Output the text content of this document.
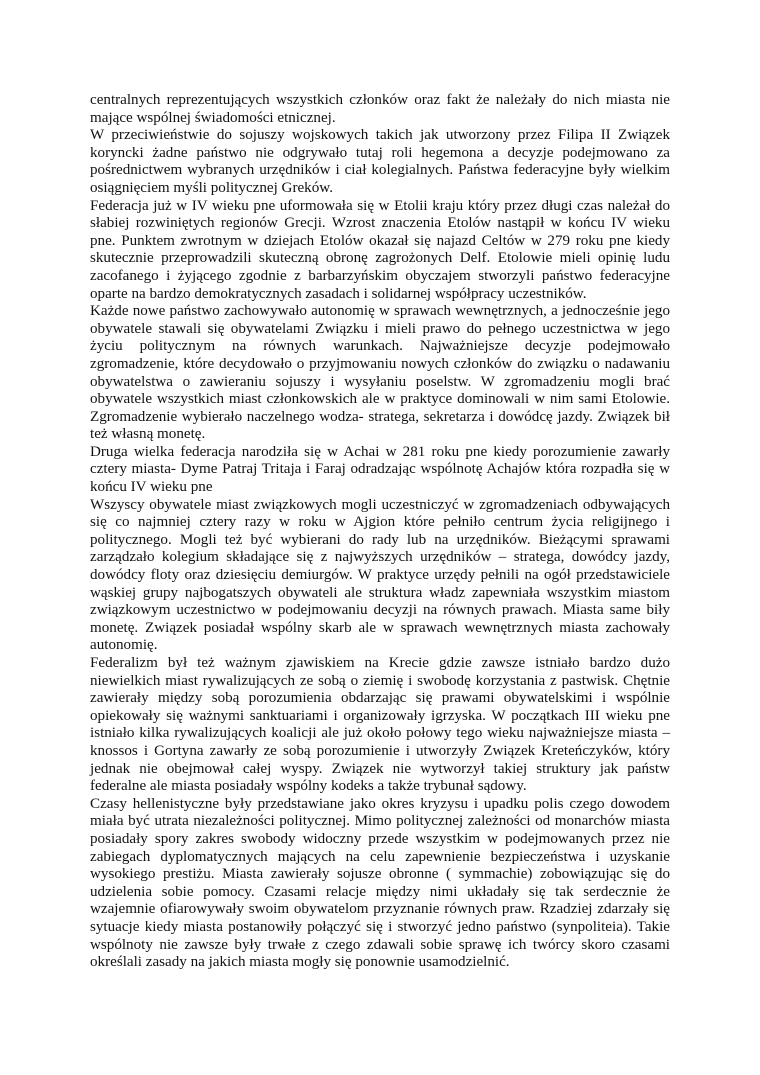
centralnych reprezentujących wszystkich członków oraz fakt że należały do nich miasta nie mające wspólnej świadomości etnicznej.

W przeciwieństwie do sojuszy wojskowych takich jak utworzony przez Filipa II Związek koryncki żadne państwo nie odgrywało tutaj roli hegemona a decyzje podejmowano za pośrednictwem wybranych urzędników i ciał kolegialnych. Państwa federacyjne były wielkim osiągnięciem myśli politycznej Greków.

Federacja już w IV wieku pne uformowała się w Etolii kraju który przez długi czas należał do słabiej rozwiniętych regionów Grecji. Wzrost znaczenia Etolów nastąpił w końcu IV wieku pne. Punktem zwrotnym w dziejach Etolów okazał się najazd Celtów w 279 roku pne kiedy skutecznie przeprowadzili skuteczną obronę zagrożonych Delf. Etolowie mieli opinię ludu zacofanego i żyjącego zgodnie z barbarzyńskim obyczajem stworzyli państwo federacyjne oparte na bardzo demokratycznych zasadach i solidarnej współpracy uczestników.

Każde nowe państwo zachowywało autonomię w sprawach wewnętrznych, a jednocześnie jego obywatele stawali się obywatelami Związku i mieli prawo do pełnego uczestnictwa w jego życiu politycznym na równych warunkach. Najważniejsze decyzje podejmowało zgromadzenie, które decydowało o przyjmowaniu nowych członków do związku o nadawaniu obywatelstwa o zawieraniu sojuszy i wysyłaniu poselstw. W zgromadzeniu mogli brać obywatele wszystkich miast członkowskich ale w praktyce dominowali w nim sami Etolowie. Zgromadzenie wybierało naczelnego wodza- stratega, sekretarza i dowódcę jazdy. Związek bił też własną monetę.

Druga wielka federacja narodziła się w Achai w 281 roku pne kiedy porozumienie zawarły cztery miasta- Dyme Patraj Tritaja i Faraj odradzając wspólnotę Achajów która rozpadła się w końcu IV wieku pne

Wszyscy obywatele miast związkowych mogli uczestniczyć w zgromadzeniach odbywających się co najmniej cztery razy w roku w Ajgion które pełniło centrum życia religijnego i politycznego. Mogli też być wybierani do rady lub na urzędników. Bieżącymi sprawami zarządzało kolegium składające się z najwyższych urzędników – stratega, dowódcy jazdy, dowódcy floty oraz dziesięciu demiurgów. W praktyce urzędy pełnili na ogół przedstawiciele wąskiej grupy najbogatszych obywateli ale struktura władz zapewniała wszystkim miastom związkowym uczestnictwo w podejmowaniu decyzji na równych prawach. Miasta same biły monetę. Związek posiadał wspólny skarb ale w sprawach wewnętrznych miasta zachowały autonomię.

Federalizm był też ważnym zjawiskiem na Krecie gdzie zawsze istniało bardzo dużo niewielkich miast rywalizujących ze sobą o ziemię i swobodę korzystania z pastwisk. Chętnie zawierały między sobą porozumienia obdarzając się prawami obywatelskimi i wspólnie opiekowały się ważnymi sanktuariami i organizowały igrzyska. W początkach III wieku pne istniało kilka rywalizujących koalicji ale już około połowy tego wieku najważniejsze miasta – knossos i Gortyna zawarły ze sobą porozumienie i utworzyły Związek Kreteńczyków, który jednak nie obejmował całej wyspy. Związek nie wytworzył takiej struktury jak państw federalne ale miasta posiadały wspólny kodeks a także trybunał sądowy.

Czasy hellenistyczne były przedstawiane jako okres kryzysu i upadku polis czego dowodem miała być utrata niezależności politycznej. Mimo politycznej zależności od monarchów miasta posiadały spory zakres swobody widoczny przede wszystkim w podejmowanych przez nie zabiegach dyplomatycznych mających na celu zapewnienie bezpieczeństwa i uzyskanie wysokiego prestiżu. Miasta zawierały sojusze obronne ( symmachie) zobowiązując się do udzielenia sobie pomocy. Czasami relacje między nimi układały się tak serdecznie że wzajemnie ofiarowywały swoim obywatelom przyznanie równych praw. Rzadziej zdarzały się sytuacje kiedy miasta postanowiły połączyć się i stworzyć jedno państwo (synpoliteia). Takie wspólnoty nie zawsze były trwałe z czego zdawali sobie sprawę ich twórcy skoro czasami określali zasady na jakich miasta mogły się ponownie usamodzielnić.
